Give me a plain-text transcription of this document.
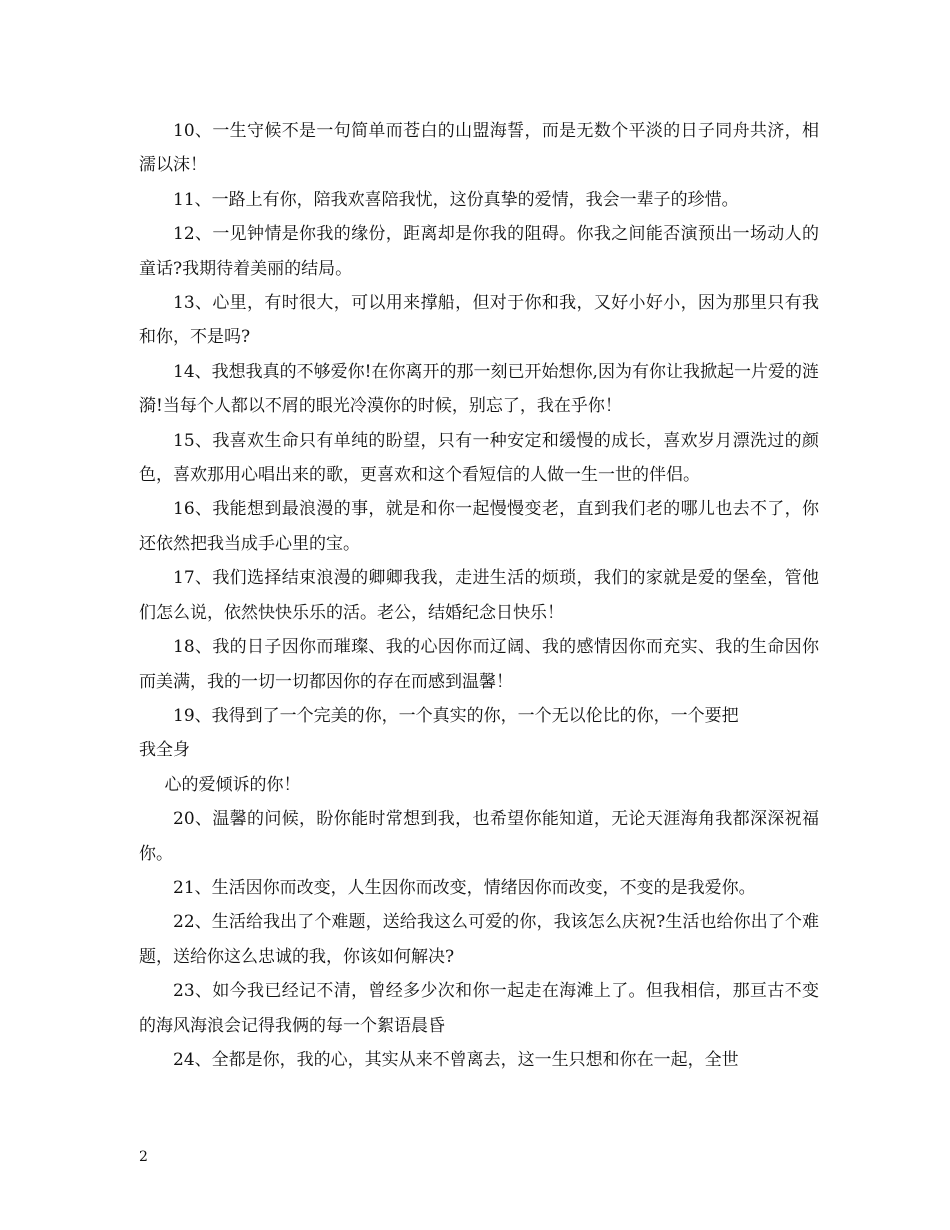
10、一生守候不是一句简单而苍白的山盟海誓，而是无数个平淡的日子同舟共济，相濡以沫！

11、一路上有你，陪我欢喜陪我忧，这份真挚的爱情，我会一辈子的珍惜。

12、一见钟情是你我的缘份，距离却是你我的阻碍。你我之间能否演预出一场动人的童话?我期待着美丽的结局。

13、心里，有时很大，可以用来撑船，但对于你和我，又好小好小，因为那里只有我和你，不是吗?

14、我想我真的不够爱你!在你离开的那一刻已开始想你,因为有你让我掀起一片爱的涟漪!当每个人都以不屑的眼光冷漠你的时候，别忘了，我在乎你！

15、我喜欢生命只有单纯的盼望，只有一种安定和缓慢的成长，喜欢岁月漂洗过的颜色，喜欢那用心唱出来的歌，更喜欢和这个看短信的人做一生一世的伴侣。

16、我能想到最浪漫的事，就是和你一起慢慢变老，直到我们老的哪儿也去不了，你还依然把我当成手心里的宝。

17、我们选择结束浪漫的卿卿我我，走进生活的烦琐，我们的家就是爱的堡垒，管他们怎么说，依然快快乐乐的活。老公，结婚纪念日快乐！

18、我的日子因你而璀璨、我的心因你而辽阔、我的感情因你而充实、我的生命因你而美满，我的一切一切都因你的存在而感到温馨！

19、我得到了一个完美的你，一个真实的你，一个无以伦比的你，一个要把

我全身

心的爱倾诉的你！

20、温馨的问候，盼你能时常想到我，也希望你能知道，无论天涯海角我都深深祝福你。

21、生活因你而改变，人生因你而改变，情绪因你而改变，不变的是我爱你。

22、生活给我出了个难题，送给我这么可爱的你，我该怎么庆祝?生活也给你出了个难题，送给你这么忠诚的我，你该如何解决?

23、如今我已经记不清，曾经多少次和你一起走在海滩上了。但我相信，那亘古不变的海风海浪会记得我俩的每一个絮语晨昏

24、全都是你，我的心，其实从来不曾离去，这一生只想和你在一起，全世

2
